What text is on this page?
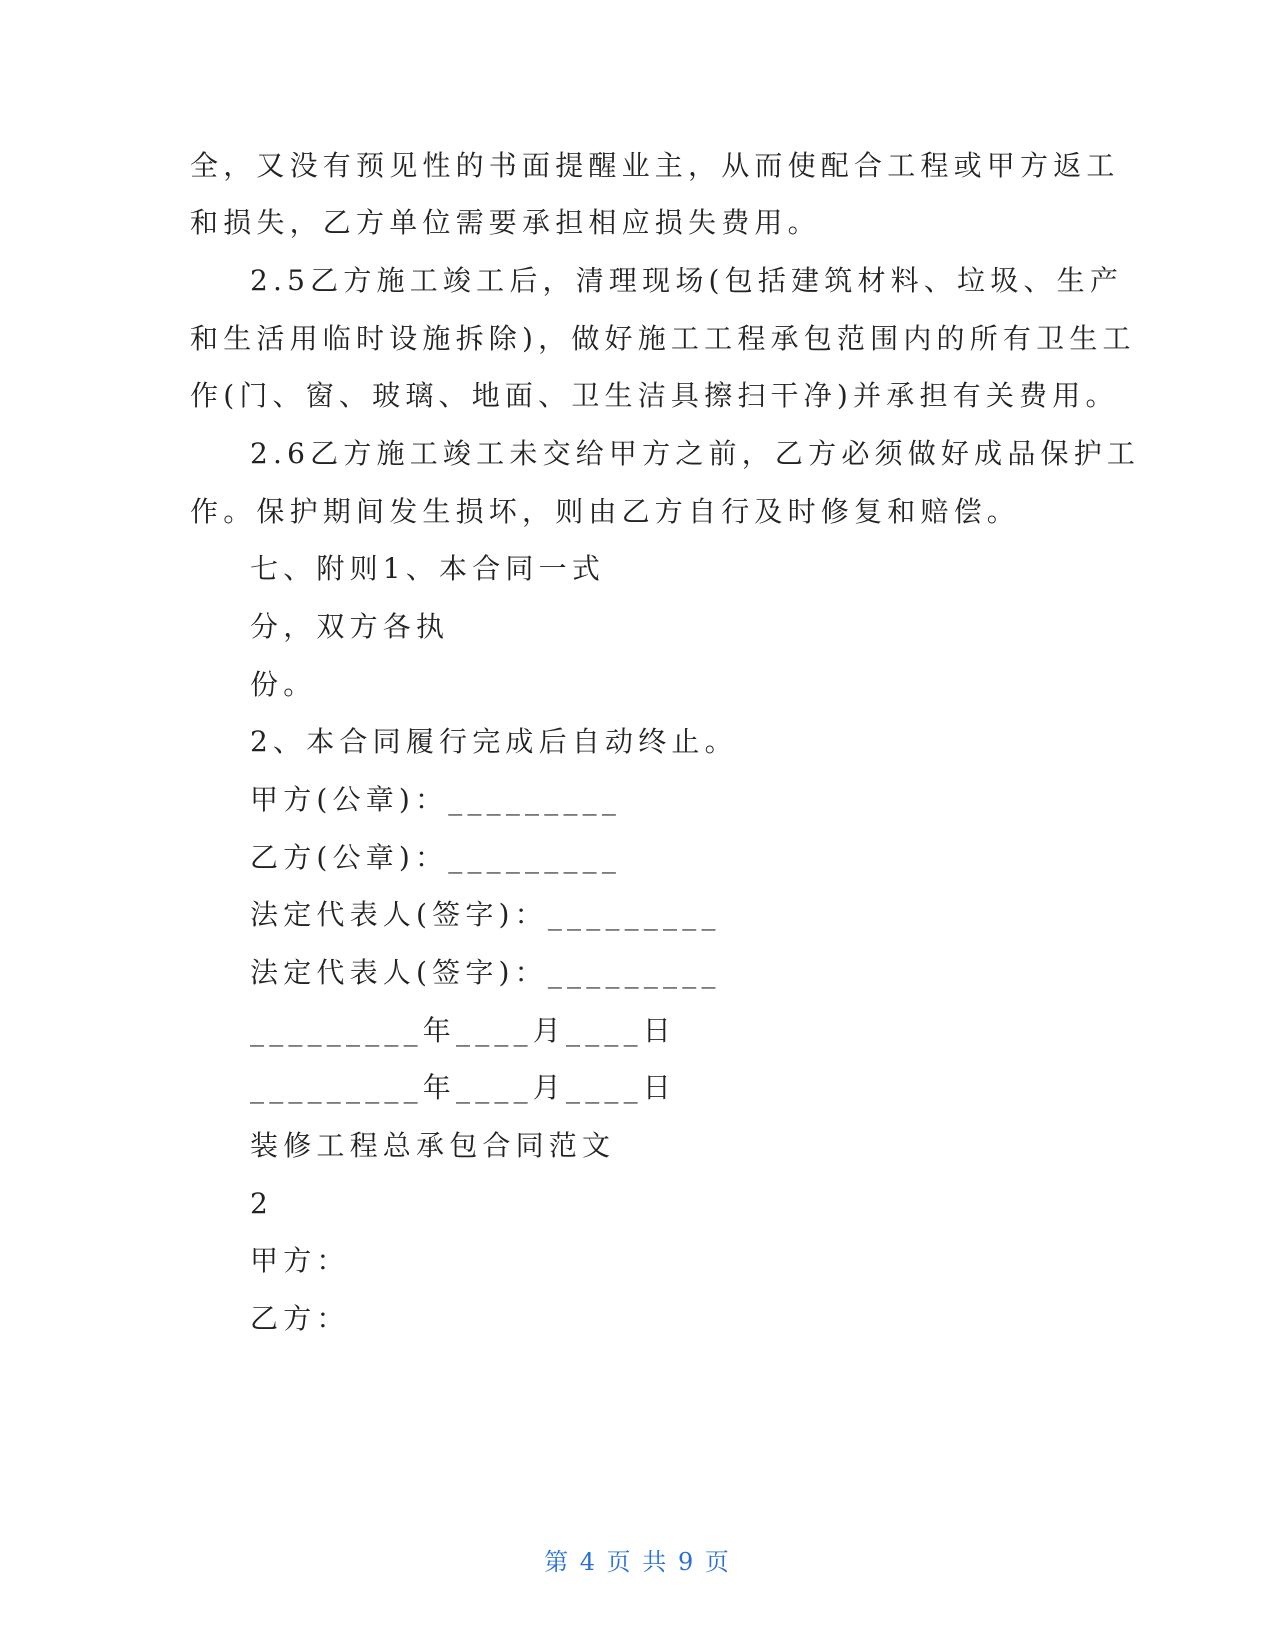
全，又没有预见性的书面提醒业主，从而使配合工程或甲方返工
和损失，乙方单位需要承担相应损失费用。
2.5乙方施工竣工后，清理现场(包括建筑材料、垃圾、生产
和生活用临时设施拆除)，做好施工工程承包范围内的所有卫生工
作(门、窗、玻璃、地面、卫生洁具擦扫干净)并承担有关费用。
2.6乙方施工竣工未交给甲方之前，乙方必须做好成品保护工
作。保护期间发生损坏，则由乙方自行及时修复和赔偿。
七、附则1、本合同一式
分，双方各执
份。
2、本合同履行完成后自动终止。
甲方(公章)：_________
乙方(公章)：_________
法定代表人(签字)：_________
法定代表人(签字)：_________
_________年____月____日
_________年____月____日
装修工程总承包合同范文
2
甲方：
乙方：
第 4 页 共 9 页
